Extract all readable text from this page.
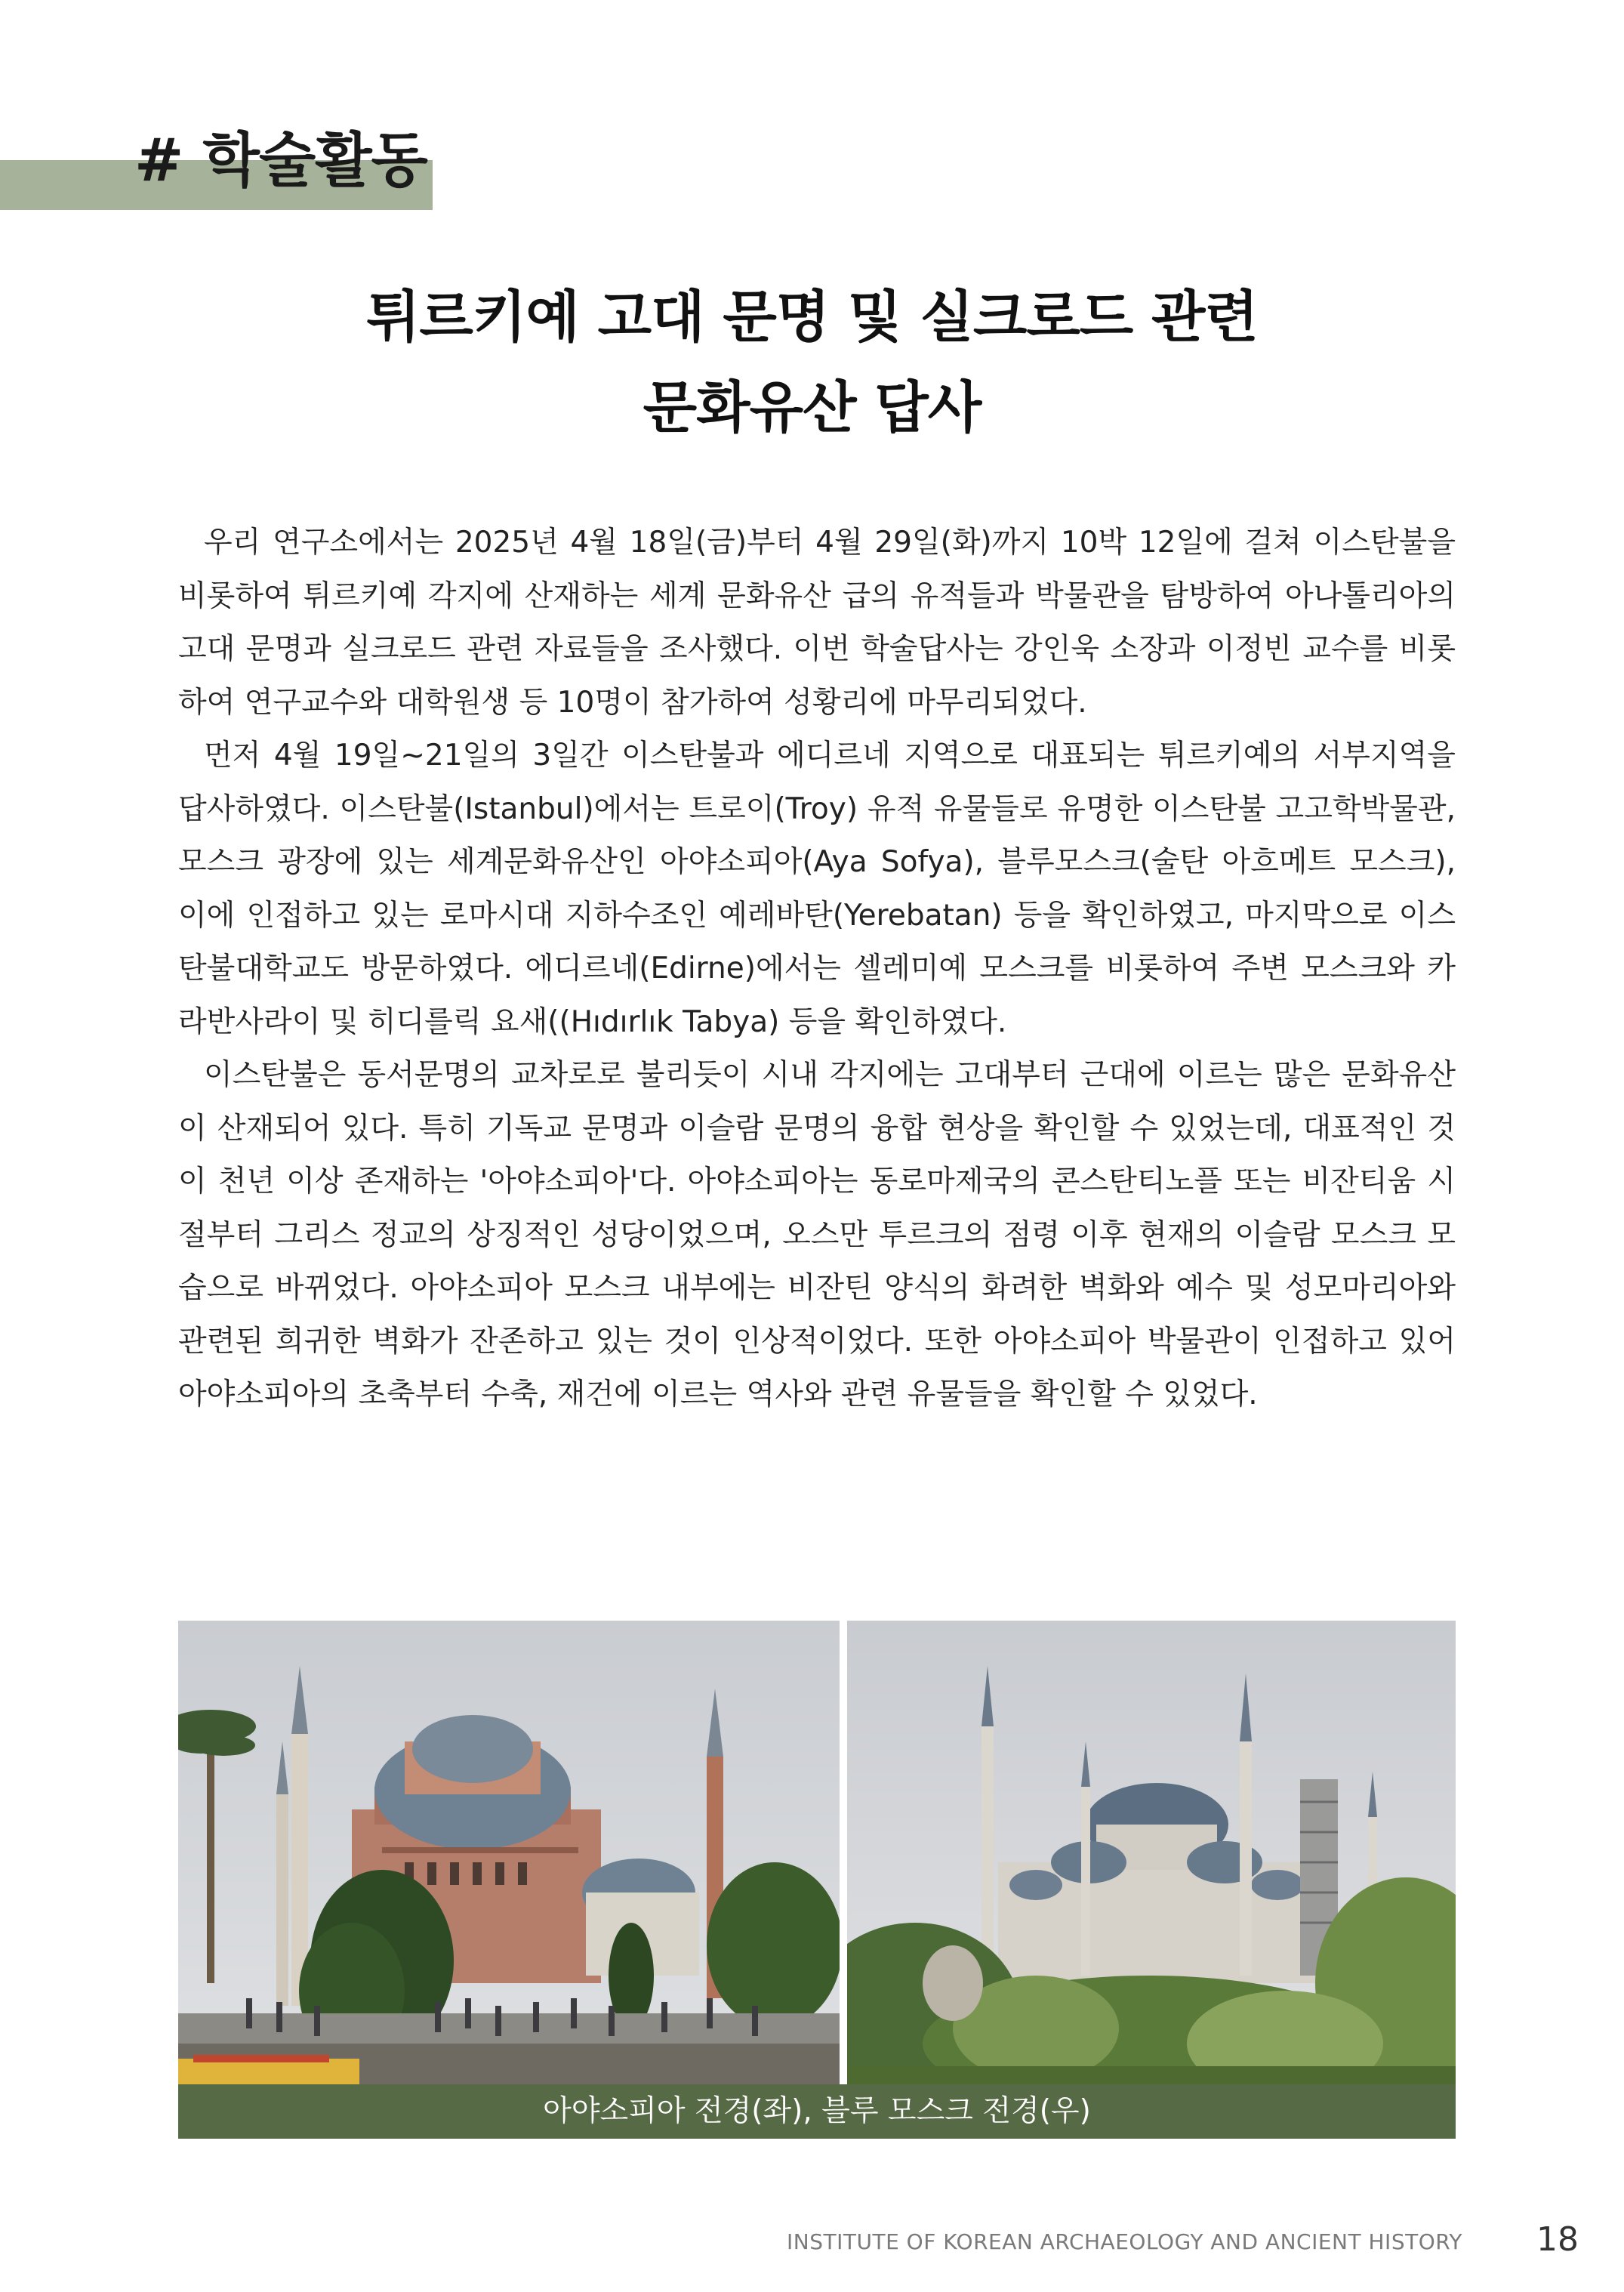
# 학술활동
튀르키예 고대 문명 및 실크로드 관련
문화유산 답사

우리 연구소에서는 2025년 4월 18일(금)부터 4월 29일(화)까지 10박 12일에 걸쳐 이스탄불을 비롯하여 튀르키예 각지에 산재하는 세계 문화유산 급의 유적들과 박물관을 탐방하여 아나톨리아의 고대 문명과 실크로드 관련 자료들을 조사했다. 이번 학술답사는 강인욱 소장과 이정빈 교수를 비롯하여 연구교수와 대학원생 등 10명이 참가하여 성황리에 마무리되었다.

먼저 4월 19일~21일의 3일간 이스탄불과 에디르네 지역으로 대표되는 튀르키예의 서부지역을 답사하였다. 이스탄불(Istanbul)에서는 트로이(Troy) 유적 유물들로 유명한 이스탄불 고고학박물관, 모스크 광장에 있는 세계문화유산인 아야소피아(Aya Sofya), 블루모스크(술탄 아흐메트 모스크), 이에 인접하고 있는 로마시대 지하수조인 예레바탄(Yerebatan) 등을 확인하였고, 마지막으로 이스탄불대학교도 방문하였다. 에디르네(Edirne)에서는 셀레미예 모스크를 비롯하여 주변 모스크와 카라반사라이 및 히디를릭 요새((Hıdırlık Tabya) 등을 확인하였다.

이스탄불은 동서문명의 교차로로 불리듯이 시내 각지에는 고대부터 근대에 이르는 많은 문화유산이 산재되어 있다. 특히 기독교 문명과 이슬람 문명의 융합 현상을 확인할 수 있었는데, 대표적인 것이 천년 이상 존재하는 '아야소피아'다. 아야소피아는 동로마제국의 콘스탄티노플 또는 비잔티움 시절부터 그리스 정교의 상징적인 성당이었으며, 오스만 투르크의 점령 이후 현재의 이슬람 모스크 모습으로 바뀌었다. 아야소피아 모스크 내부에는 비잔틴 양식의 화려한 벽화와 예수 및 성모마리아와 관련된 희귀한 벽화가 잔존하고 있는 것이 인상적이었다. 또한 아야소피아 박물관이 인접하고 있어 아야소피아의 초축부터 수축, 재건에 이르는 역사와 관련 유물들을 확인할 수 있었다.

아야소피아 전경(좌), 블루 모스크 전경(우)
INSTITUTE OF KOREAN ARCHAEOLOGY AND ANCIENT HISTORY 18
